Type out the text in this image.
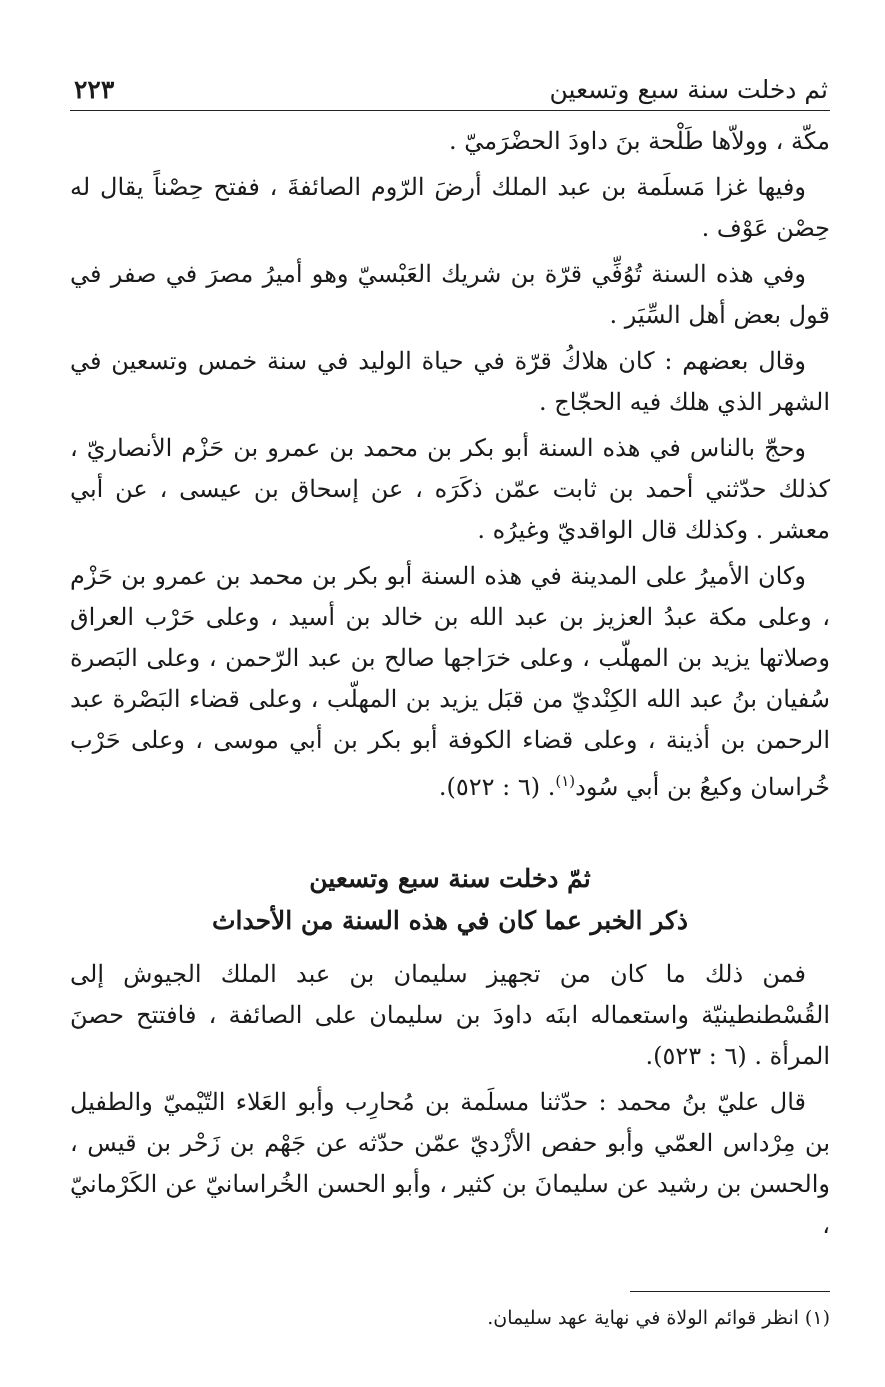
ثم دخلت سنة سبع وتسعين
٢٢٣

مكّة ، وولاّها طَلْحة بنَ داودَ الحضْرَميّ .

وفيها غزا مَسلَمة بن عبد الملك أرضَ الرّوم الصائفةَ ، ففتح حِصْناً يقال له حِصْن عَوْف .

وفي هذه السنة تُوُفِّي قرّة بن شريك العَبْسيّ وهو أميرُ مصرَ في صفر في قول بعض أهل السِّيَر .

وقال بعضهم : كان هلاكُ قرّة في حياة الوليد في سنة خمس وتسعين في الشهر الذي هلك فيه الحجّاج .

وحجّ بالناس في هذه السنة أبو بكر بن محمد بن عمرو بن حَزْم الأنصاريّ ، كذلك حدّثني أحمد بن ثابت عمّن ذكَرَه ، عن إسحاق بن عيسى ، عن أبي معشر . وكذلك قال الواقديّ وغيرُه .

وكان الأميرُ على المدينة في هذه السنة أبو بكر بن محمد بن عمرو بن حَزْم ، وعلى مكة عبدُ العزيز بن عبد الله بن خالد بن أسيد ، وعلى حَرْب العراق وصلاتها يزيد بن المهلّب ، وعلى خرَاجها صالح بن عبد الرّحمن ، وعلى البَصرة سُفيان بنُ عبد الله الكِنْديّ من قبَل يزيد بن المهلّب ، وعلى قضاء البَصْرة عبد الرحمن بن أذينة ، وعلى قضاء الكوفة أبو بكر بن أبي موسى ، وعلى حَرْب خُراسان وكيعُ بن أبي سُود$^{(١)}$. (٦ : ٥٢٢).

ثمّ دخلت سنة سبع وتسعين
ذكر الخبر عما كان في هذه السنة من الأحداث

فمن ذلك ما كان من تجهيز سليمان بن عبد الملك الجيوش إلى القُسْطنطينيّة واستعماله ابنَه داودَ بن سليمان على الصائفة ، فافتتح حصنَ المرأة . (٦ : ٥٢٣).

قال عليّ بنُ محمد : حدّثنا مسلَمة بن مُحارِب وأبو العَلاء التّيْميّ والطفيل بن مِرْداس العمّي وأبو حفص الأزْديّ عمّن حدّثه عن جَهْم بن زَحْر بن قيس ، والحسن بن رشيد عن سليمانَ بن كثير ، وأبو الحسن الخُراسانيّ عن الكَرْمانيّ ،

(١) انظر قوائم الولاة في نهاية عهد سليمان.
